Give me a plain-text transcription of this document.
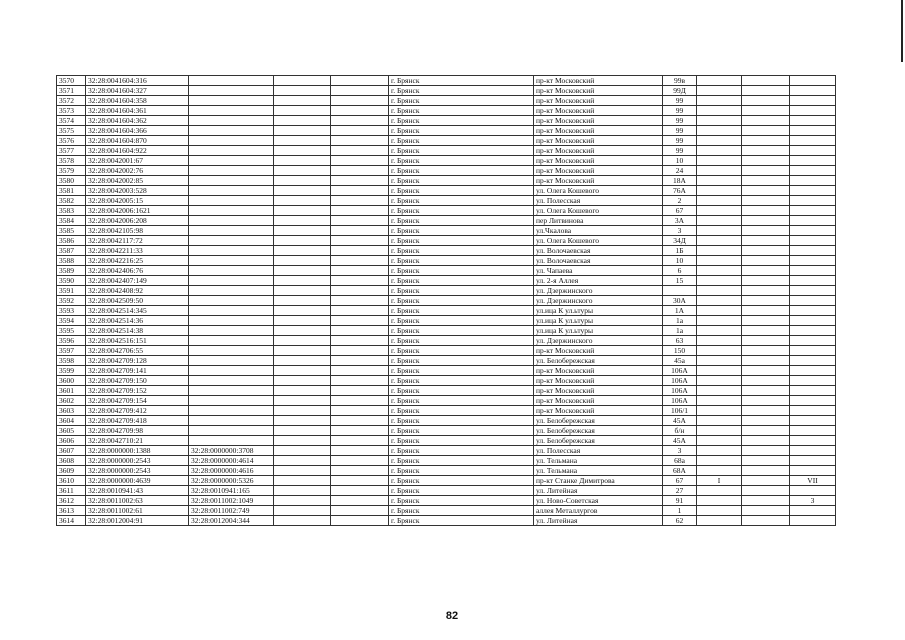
3570	32:28:0041604:316				г. Брянск	пр-кт Московский	99в			
3571	32:28:0041604:327				г. Брянск	пр-кт Московский	99Д			
3572	32:28:0041604:358				г. Брянск	пр-кт Московский	99			
3573	32:28:0041604:361				г. Брянск	пр-кт Московский	99			
3574	32:28:0041604:362				г. Брянск	пр-кт Московский	99			
3575	32:28:0041604:366				г. Брянск	пр-кт Московский	99			
3576	32:28:0041604:870				г. Брянск	пр-кт Московский	99			
3577	32:28:0041604:922				г. Брянск	пр-кт Московский	99			
3578	32:28:0042001:67				г. Брянск	пр-кт Московский	10			
3579	32:28:0042002:76				г. Брянск	пр-кт Московский	24			
3580	32:28:0042002:85				г. Брянск	пр-кт Московский	18А			
3581	32:28:0042003:528				г. Брянск	ул. Олега Кошевого	76А			
3582	32:28:0042005:15				г. Брянск	ул. Полесская	2			
3583	32:28:0042006:1621				г. Брянск	ул. Олега Кошевого	67			
3584	32:28:0042006:208				г. Брянск	пер Литвинова	3А			
3585	32:28:0042105:98				г. Брянск	ул.Чкалова	3			
3586	32:28:0042117:72				г. Брянск	ул. Олега Кошевого	34Д			
3587	32:28:0042211:33				г. Брянск	ул. Волочаевская	1Б			
3588	32:28:0042216:25				г. Брянск	ул. Волочаевская	10			
3589	32:28:0042406:76				г. Брянск	ул. Чапаева	6			
3590	32:28:0042407:149				г. Брянск	ул. 2-я Аллея	15			
3591	32:28:0042408:92				г. Брянск	ул. Дзержинского				
3592	32:28:0042509:50				г. Брянск	ул. Дзержинского	30А			
3593	32:28:0042514:345				г. Брянск	ул.ица К ул.ьтуры	1А			
3594	32:28:0042514:36				г. Брянск	ул.ица К ул.ьтуры	1а			
3595	32:28:0042514:38				г. Брянск	ул.ица К ул.ьтуры	1а			
3596	32:28:0042516:151				г. Брянск	ул. Дзержинского	63			
3597	32:28:0042706:55				г. Брянск	пр-кт Московский	150			
3598	32:28:0042709:128				г. Брянск	ул. Белобережская	45а			
3599	32:28:0042709:141				г. Брянск	пр-кт Московский	106А			
3600	32:28:0042709:150				г. Брянск	пр-кт Московский	106А			
3601	32:28:0042709:152				г. Брянск	пр-кт Московский	106А			
3602	32:28:0042709:154				г. Брянск	пр-кт Московский	106А			
3603	32:28:0042709:412				г. Брянск	пр-кт Московский	106/1			
3604	32:28:0042709:418				г. Брянск	ул. Белобережская	45А			
3605	32:28:0042709:98				г. Брянск	ул. Белобережская	б/н			
3606	32:28:0042710:21				г. Брянск	ул. Белобережская	45А			
3607	32:28:0000000:1388	32:28:0000000:3708			г. Брянск	ул. Полесская	3			
3608	32:28:0000000:2543	32:28:0000000:4614			г. Брянск	ул. Тельмана	68а			
3609	32:28:0000000:2543	32:28:0000000:4616			г. Брянск	ул. Тельмана	68А			
3610	32:28:0000000:4639	32:28:0000000:5326			г. Брянск	пр-кт Станке Димитрова	67	I		VII
3611	32:28:0010941:43	32:28:0010941:165			г. Брянск	ул. Литейная	27			
3612	32:28:0011002:63	32:28:0011002:1049			г. Брянск	ул. Ново-Советская	91			3
3613	32:28:0011002:61	32:28:0011002:749			г. Брянск	аллея Металлургов	1			
3614	32:28:0012004:91	32:28:0012004:344			г. Брянск	ул. Литейная	62			
82
